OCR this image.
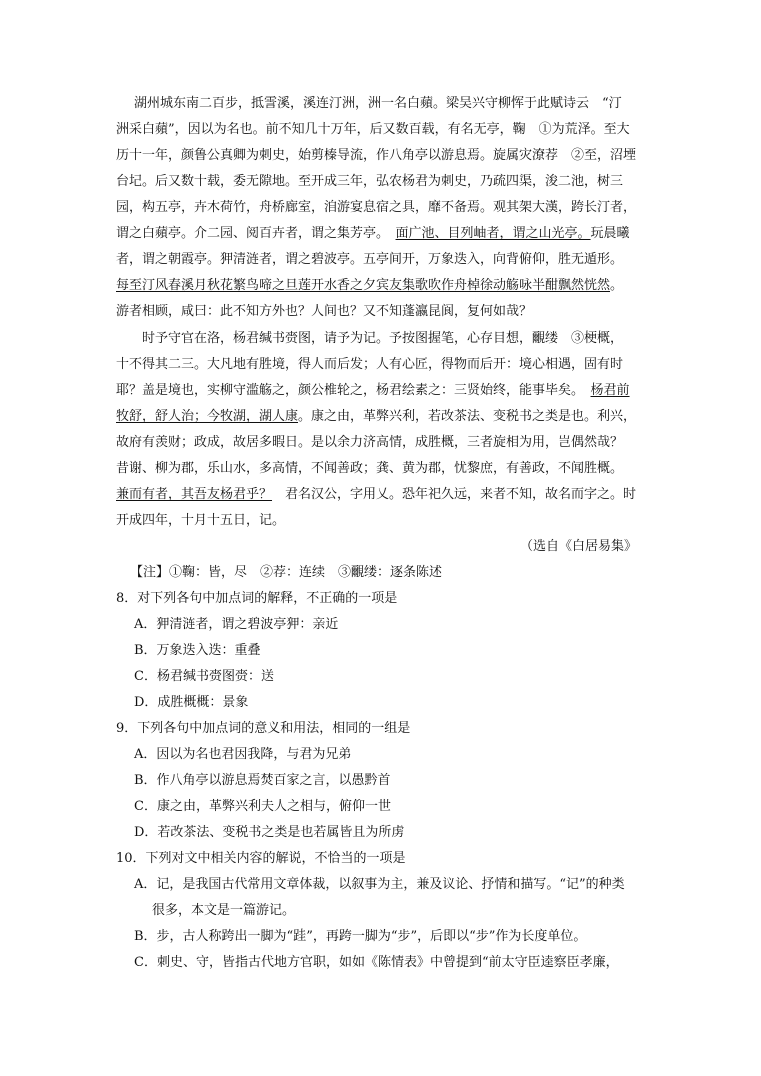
湖州城东南二百步，抵霅溪，溪连汀洲，洲一名白蘋。梁吴兴守柳恽于此赋诗云　“汀
洲采白蘋”，因以为名也。前不知几十万年，后又数百载，有名无亭，鞠　①为荒泽。至大
历十一年，颜鲁公真卿为刺史，始剪榛导流，作八角亭以游息焉。旋属灾潦荐　②至，沼堙
台圮。后又数十载，委无隙地。至开成三年，弘农杨君为刺史，乃疏四渠，浚二池，树三
园，构五亭，卉木荷竹，舟桥廊室，洎游宴息宿之具，靡不备焉。观其架大漢，跨长汀者，
谓之白蘋亭。介二园、阅百卉者，谓之集芳亭。　 面广池、目列岫者，谓之山光亭。玩晨曦
者，谓之朝霞亭。狎清涟者，谓之碧波亭。五亭间开，万象迭入，向背俯仰，胜无遁形。
每至汀风春溪月秋花繁鸟啼之旦莲开水香之夕宾友集歌吹作舟棹徐动觞咏半酣飘然恍然。
游者相顾，咸曰：此不知方外也？人间也？又不知蓬瀛昆阆，复何如哉？
时予守官在洛，杨君缄书赍图，请予为记。予按图握笔，心存目想，覼缕　③梗概，
十不得其二三。大凡地有胜境，得人而后发；人有心匠，得物而后开：境心相遇，固有时
耶？盖是境也，实柳守滥觞之，颜公椎轮之，杨君绘素之：三贤始终，能事毕矣。　 杨君前
牧舒，舒人治；今牧湖，湖人康。康之由，革弊兴利，若改茶法、变税书之类是也。利兴，
故府有羡财；政成，故居多暇日。是以余力济高情，成胜概，三者旋相为用，岂偶然哉？
昔谢、柳为郡，乐山水，多高情，不闻善政；龚、黄为郡，忧黎庶，有善政，不闻胜概。
兼而有者，其吾友杨君乎？　 君名汉公，字用乂。恐年祀久远，来者不知，故名而字之。时
开成四年，十月十五日，记。
（选自《白居易集》
【注】①鞠：皆，尽　②荐：连续　③覼缕：逐条陈述
8．对下列各句中加点词的解释，不正确的一项是
A．狎清涟者，谓之碧波亭狎：亲近
B．万象迭入迭：重叠
C．杨君缄书赍图赍：送
D．成胜概概：景象
9．下列各句中加点词的意义和用法，相同的一组是
A．因以为名也君因我降，与君为兄弟
B．作八角亭以游息焉焚百家之言，以愚黔首
C．康之由，革弊兴利夫人之相与，俯仰一世
D．若改茶法、变税书之类是也若属皆且为所虏
10．下列对文中相关内容的解说，不恰当的一项是
A．记，是我国古代常用文章体裁，以叙事为主，兼及议论、抒情和描写。“记”的种类
很多，本文是一篇游记。
B．步，古人称跨出一脚为“跬”，再跨一脚为“步”，后即以“步”作为长度单位。
C．刺史、守，皆指古代地方官职，如如《陈情表》中曾提到“前太守臣逵察臣孝廉，
